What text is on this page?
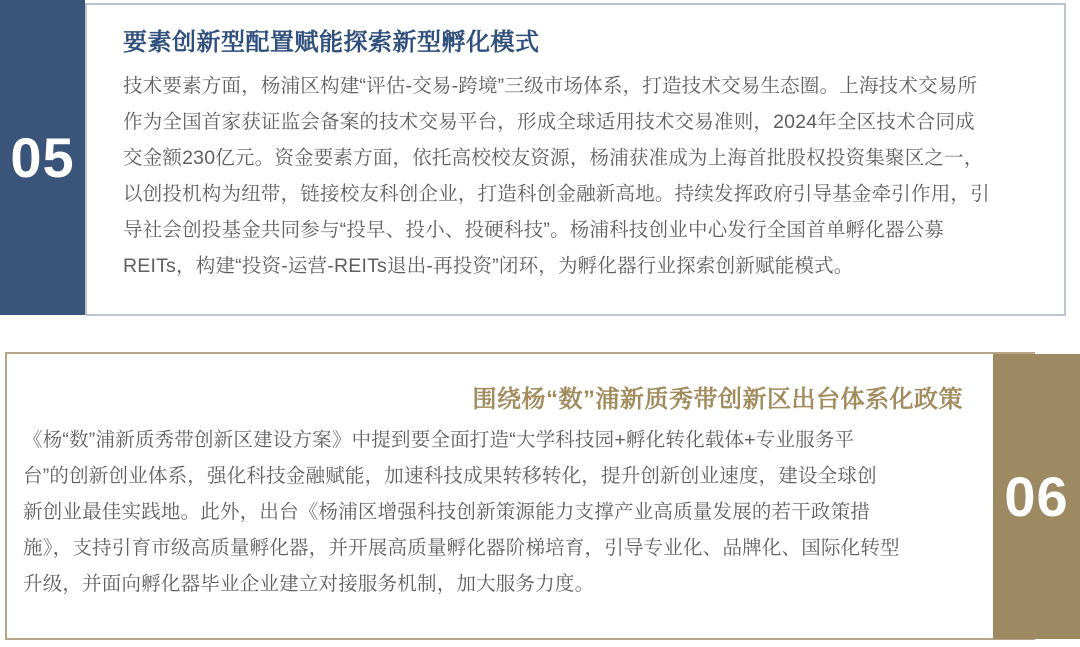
要素创新型配置赋能探索新型孵化模式
技术要素方面，杨浦区构建“评估-交易-跨境”三级市场体系，打造技术交易生态圈。上海技术交易所
作为全国首家获证监会备案的技术交易平台，形成全球适用技术交易准则，2024年全区技术合同成
交金额230亿元。资金要素方面，依托高校校友资源，杨浦获准成为上海首批股权投资集聚区之一，
以创投机构为纽带，链接校友科创企业，打造科创金融新高地。持续发挥政府引导基金牵引作用，引
导社会创投基金共同参与“投早、投小、投硬科技”。杨浦科技创业中心发行全国首单孵化器公募
REITs，构建“投资-运营-REITs退出-再投资”闭环，为孵化器行业探索创新赋能模式。
05
围绕杨“数”浦新质秀带创新区出台体系化政策
《杨“数”浦新质秀带创新区建设方案》中提到要全面打造“大学科技园+孵化转化载体+专业服务平
台”的创新创业体系，强化科技金融赋能，加速科技成果转移转化，提升创新创业速度，建设全球创
新创业最佳实践地。此外，出台《杨浦区增强科技创新策源能力支撑产业高质量发展的若干政策措
施》，支持引育市级高质量孵化器，并开展高质量孵化器阶梯培育，引导专业化、品牌化、国际化转型
升级，并面向孵化器毕业企业建立对接服务机制，加大服务力度。
06
